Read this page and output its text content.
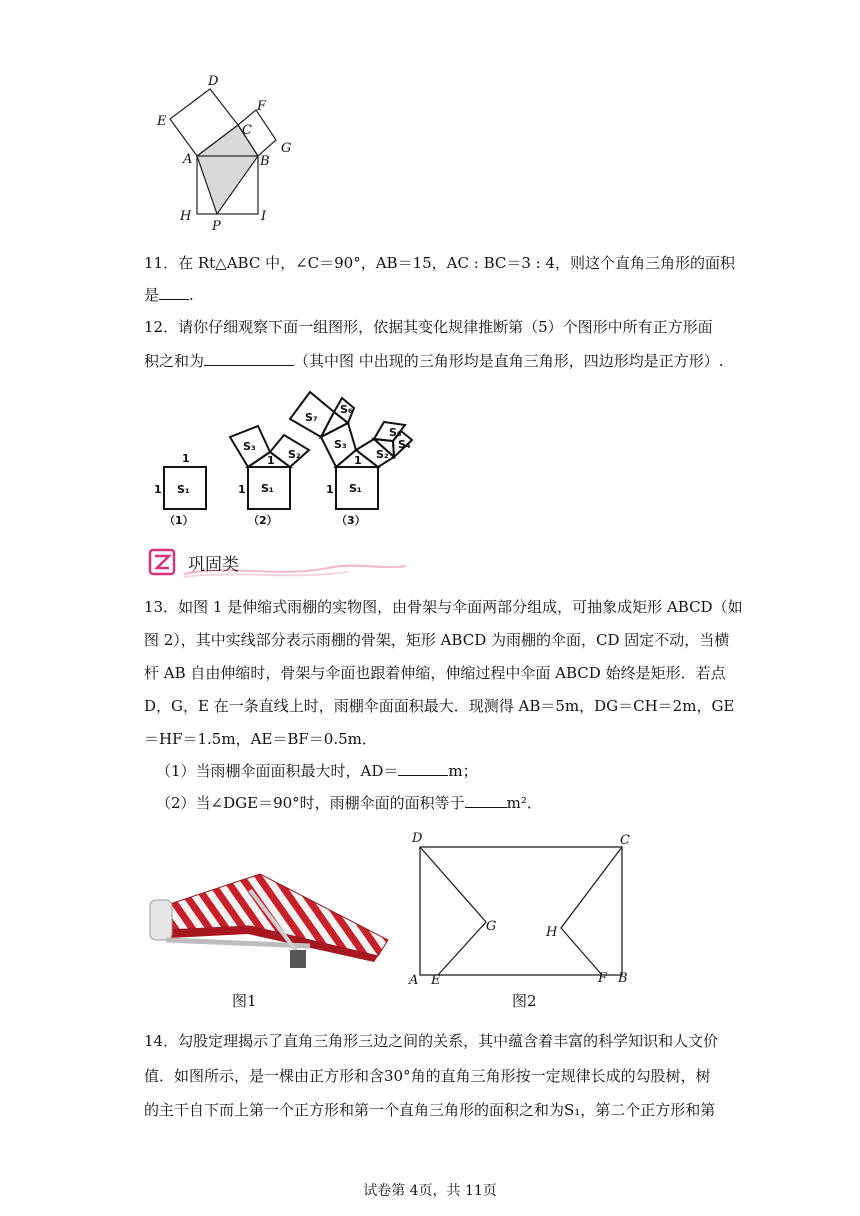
D
E
F
C
G
A	B
H	I
P
11．在 Rt△ABC 中，∠C＝90°，AB＝15，AC : BC＝3 : 4，则这个直角三角形的面积
是 .
12．请你仔细观察下面一组图形，依据其变化规律推断第（5）个图形中所有正方形面
积之和为	（其中图 中出现的三角形均是直角三角形，四边形均是正方形）.
1
1 S₁	1 S₁
1
S₃
S₂
1 S₁
1
S₃
S₂
S₇
S₆
S₅
S₄
（1）	（2）	（3）
巩固类
13．如图 1 是伸缩式雨棚的实物图，由骨架与伞面两部分组成，可抽象成矩形 ABCD（如
图 2），其中实线部分表示雨棚的骨架，矩形 ABCD 为雨棚的伞面，CD 固定不动，当横
杆 AB 自由伸缩时，骨架与伞面也跟着伸缩，伸缩过程中伞面 ABCD 始终是矩形．若点
D，G，E 在一条直线上时，雨棚伞面面积最大．现测得 AB＝5m，DG＝CH＝2m，GE
＝HF＝1.5m，AE＝BF＝0.5m．
（1）当雨棚伞面面积最大时，AD＝	m；
（2）当∠DGE＝90°时，雨棚伞面的面积等于	m²．
图1
D	C
G	H
A E	F B
图2
14．勾股定理揭示了直角三角形三边之间的关系，其中蕴含着丰富的科学知识和人文价
值．如图所示，是一棵由正方形和含30°角的直角三角形按一定规律长成的勾股树，树
的主干自下而上第一个正方形和第一个直角三角形的面积之和为S₁，第二个正方形和第
试卷第 4页，共 11页
